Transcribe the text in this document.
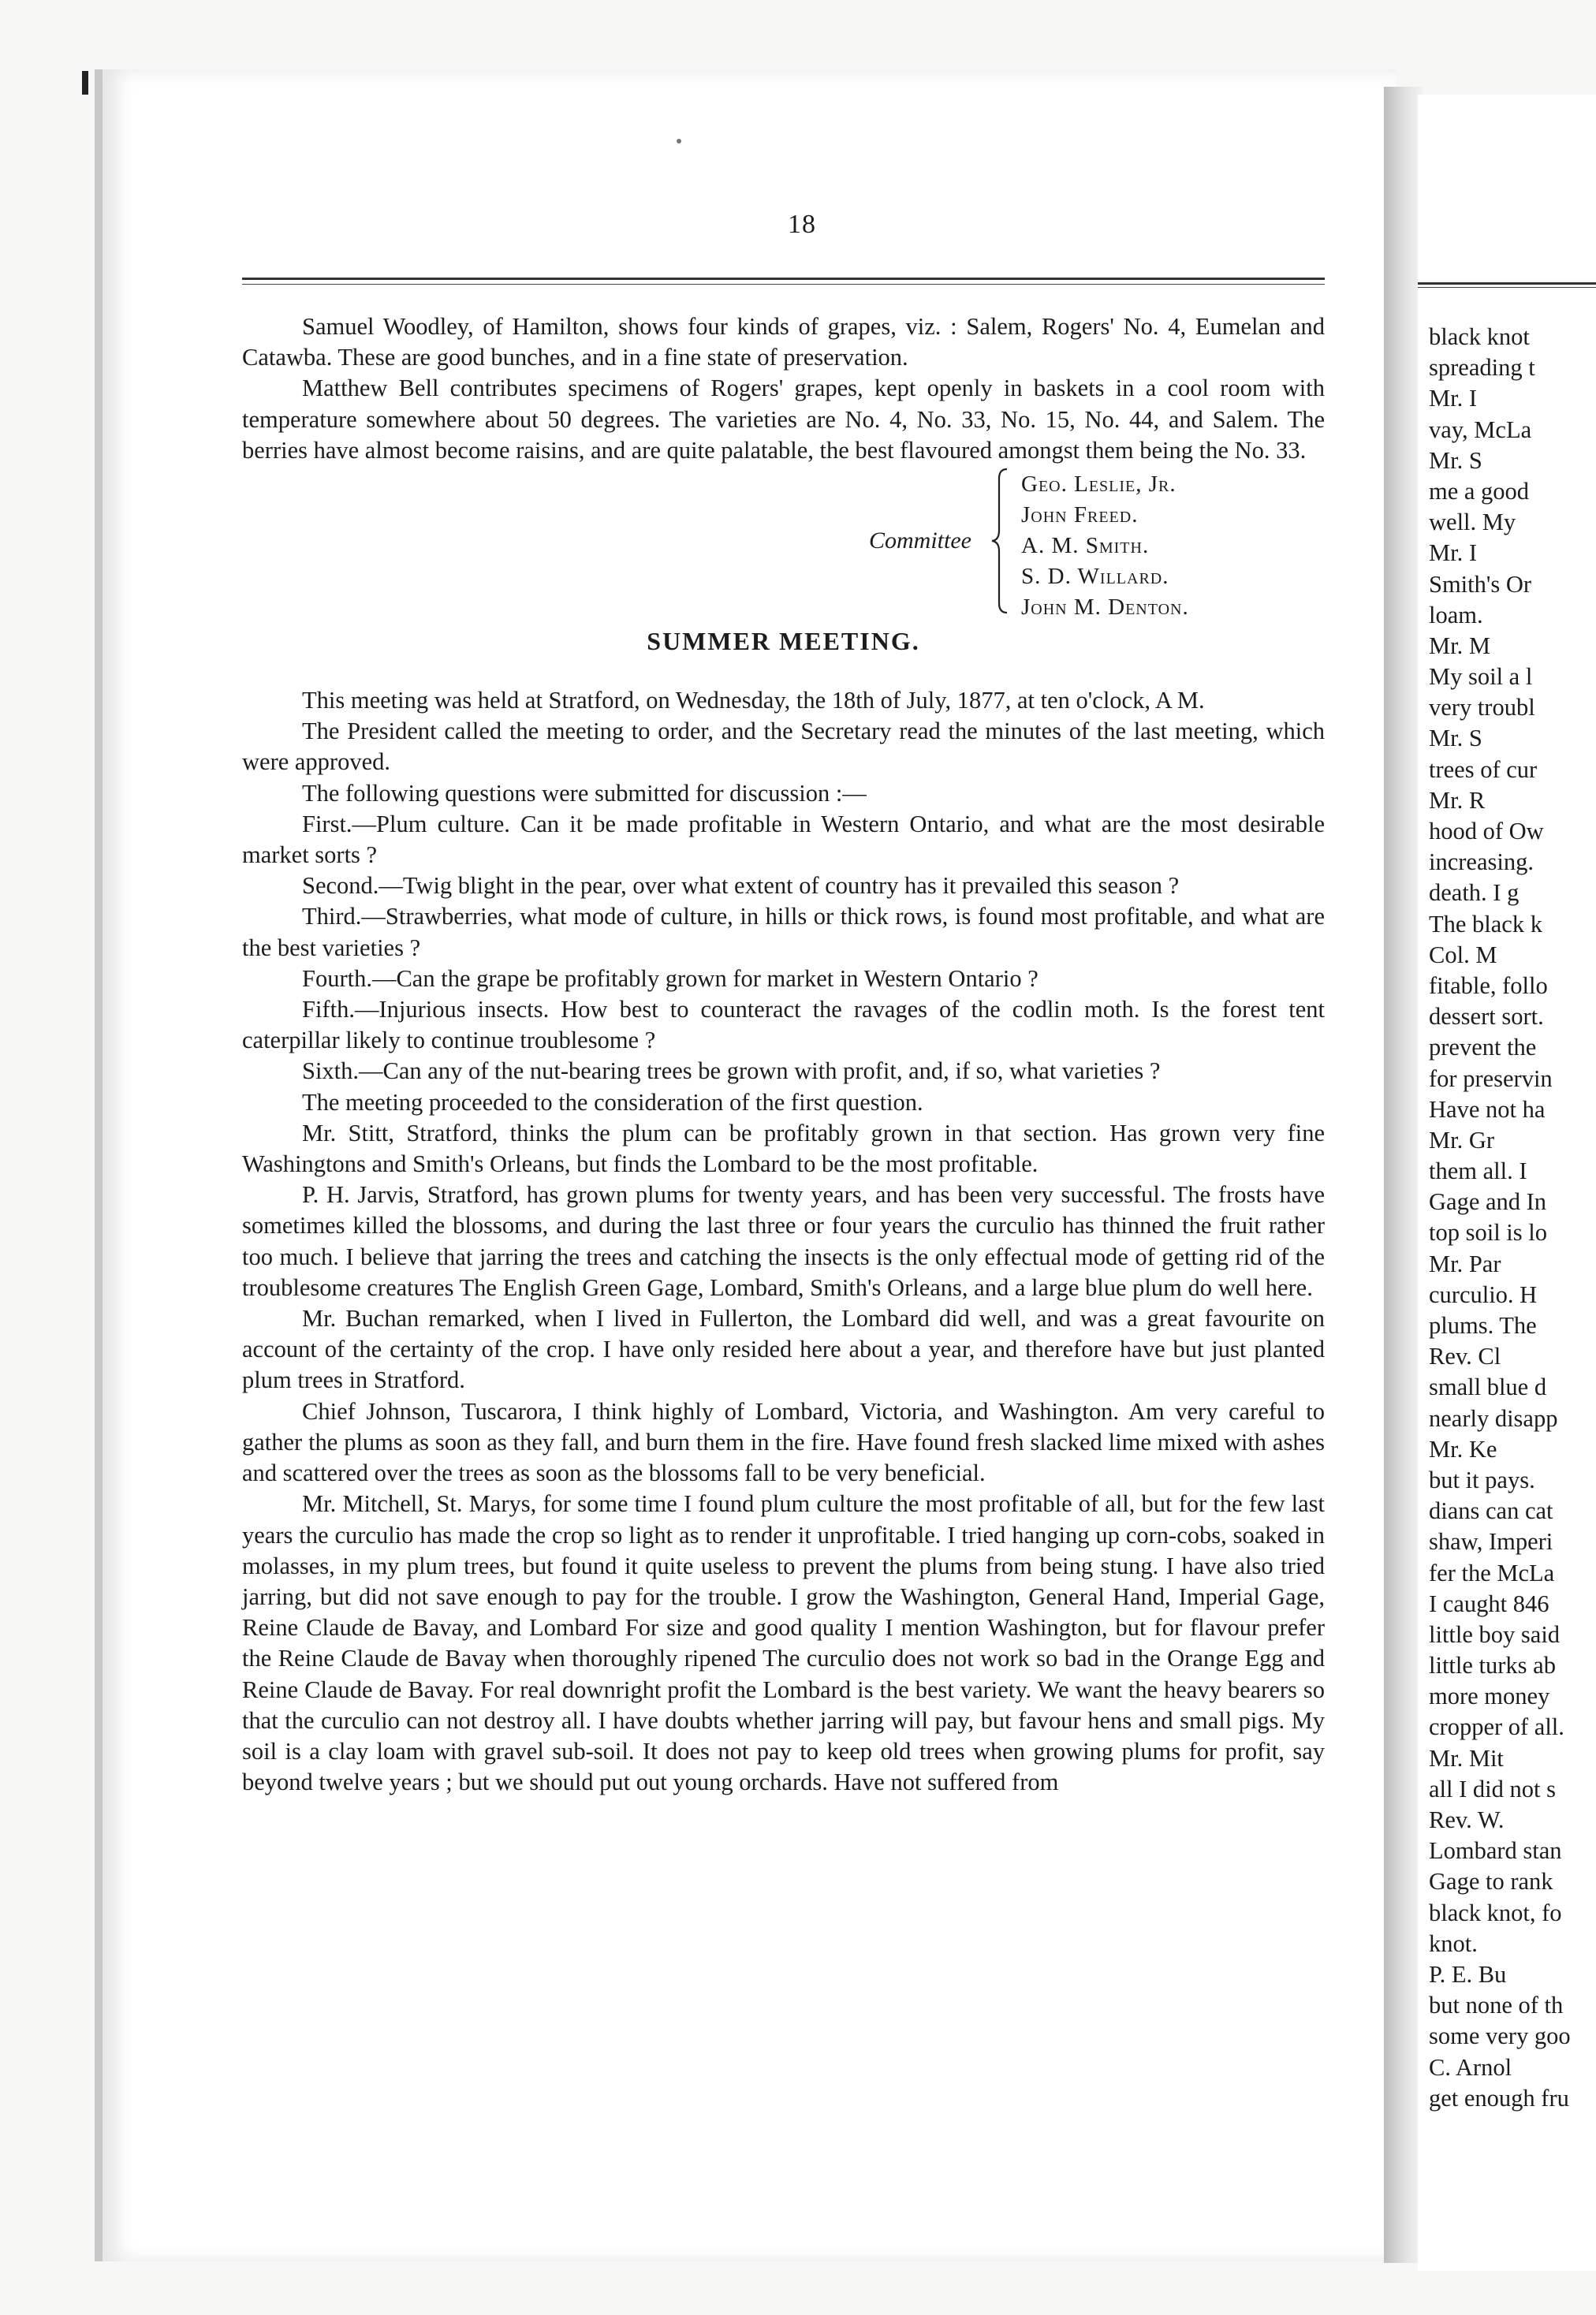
black knot
spreading t
Mr. I
vay, McLa
Mr. S
me a good
well. My
Mr. I
Smith's Or
loam.
Mr. M
My soil a l
very troubl
Mr. S
trees of cur
Mr. R
hood of Ow
increasing.
death. I g
The black k
Col. M
fitable, follo
dessert sort.
prevent the
for preservin
Have not ha
Mr. Gr
them all. I
Gage and In
top soil is lo
Mr. Par
curculio. H
plums. The
Rev. Cl
small blue d
nearly disapp
Mr. Ke
but it pays.
dians can cat
shaw, Imperi
fer the McLa
I caught 846
little boy said
little turks ab
more money
cropper of all.
Mr. Mit
all I did not s
Rev. W.
Lombard stan
Gage to rank
black knot, fo
knot.
P. E. Bu
but none of th
some very goo
C. Arnol
get enough fru
18

Samuel Woodley, of Hamilton, shows four kinds of grapes, viz. : Salem, Rogers' No. 4, Eumelan and Catawba. These are good bunches, and in a fine state of preservation.

Matthew Bell contributes specimens of Rogers' grapes, kept openly in baskets in a cool room with temperature somewhere about 50 degrees. The varieties are No. 4, No. 33, No. 15, No. 44, and Salem. The berries have almost become raisins, and are quite palatable, the best flavoured amongst them being the No. 33.

Committee
Geo. Leslie, Jr.
John Freed.
A. M. Smith.
S. D. Willard.
John M. Denton.
SUMMER MEETING.

This meeting was held at Stratford, on Wednesday, the 18th of July, 1877, at ten o'clock, A M.

The President called the meeting to order, and the Secretary read the minutes of the last meeting, which were approved.

The following questions were submitted for discussion :—

First.—Plum culture. Can it be made profitable in Western Ontario, and what are the most desirable market sorts ?

Second.—Twig blight in the pear, over what extent of country has it prevailed this season ?

Third.—Strawberries, what mode of culture, in hills or thick rows, is found most profitable, and what are the best varieties ?

Fourth.—Can the grape be profitably grown for market in Western Ontario ?

Fifth.—Injurious insects. How best to counteract the ravages of the codlin moth. Is the forest tent caterpillar likely to continue troublesome ?

Sixth.—Can any of the nut-bearing trees be grown with profit, and, if so, what varieties ?

The meeting proceeded to the consideration of the first question.

Mr. Stitt, Stratford, thinks the plum can be profitably grown in that section. Has grown very fine Washingtons and Smith's Orleans, but finds the Lombard to be the most profitable.

P. H. Jarvis, Stratford, has grown plums for twenty years, and has been very successful. The frosts have sometimes killed the blossoms, and during the last three or four years the curculio has thinned the fruit rather too much. I believe that jarring the trees and catching the insects is the only effectual mode of getting rid of the troublesome creatures The English Green Gage, Lombard, Smith's Orleans, and a large blue plum do well here.

Mr. Buchan remarked, when I lived in Fullerton, the Lombard did well, and was a great favourite on account of the certainty of the crop. I have only resided here about a year, and therefore have but just planted plum trees in Stratford.

Chief Johnson, Tuscarora, I think highly of Lombard, Victoria, and Washington. Am very careful to gather the plums as soon as they fall, and burn them in the fire. Have found fresh slacked lime mixed with ashes and scattered over the trees as soon as the blossoms fall to be very beneficial.

Mr. Mitchell, St. Marys, for some time I found plum culture the most profitable of all, but for the few last years the curculio has made the crop so light as to render it unprofitable. I tried hanging up corn-cobs, soaked in molasses, in my plum trees, but found it quite useless to prevent the plums from being stung. I have also tried jarring, but did not save enough to pay for the trouble. I grow the Washington, General Hand, Imperial Gage, Reine Claude de Bavay, and Lombard For size and good quality I mention Washington, but for flavour prefer the Reine Claude de Bavay when thoroughly ripened The curculio does not work so bad in the Orange Egg and Reine Claude de Bavay. For real downright profit the Lombard is the best variety. We want the heavy bearers so that the curculio can not destroy all. I have doubts whether jarring will pay, but favour hens and small pigs. My soil is a clay loam with gravel sub-soil. It does not pay to keep old trees when growing plums for profit, say beyond twelve years ; but we should put out young orchards. Have not suffered from
